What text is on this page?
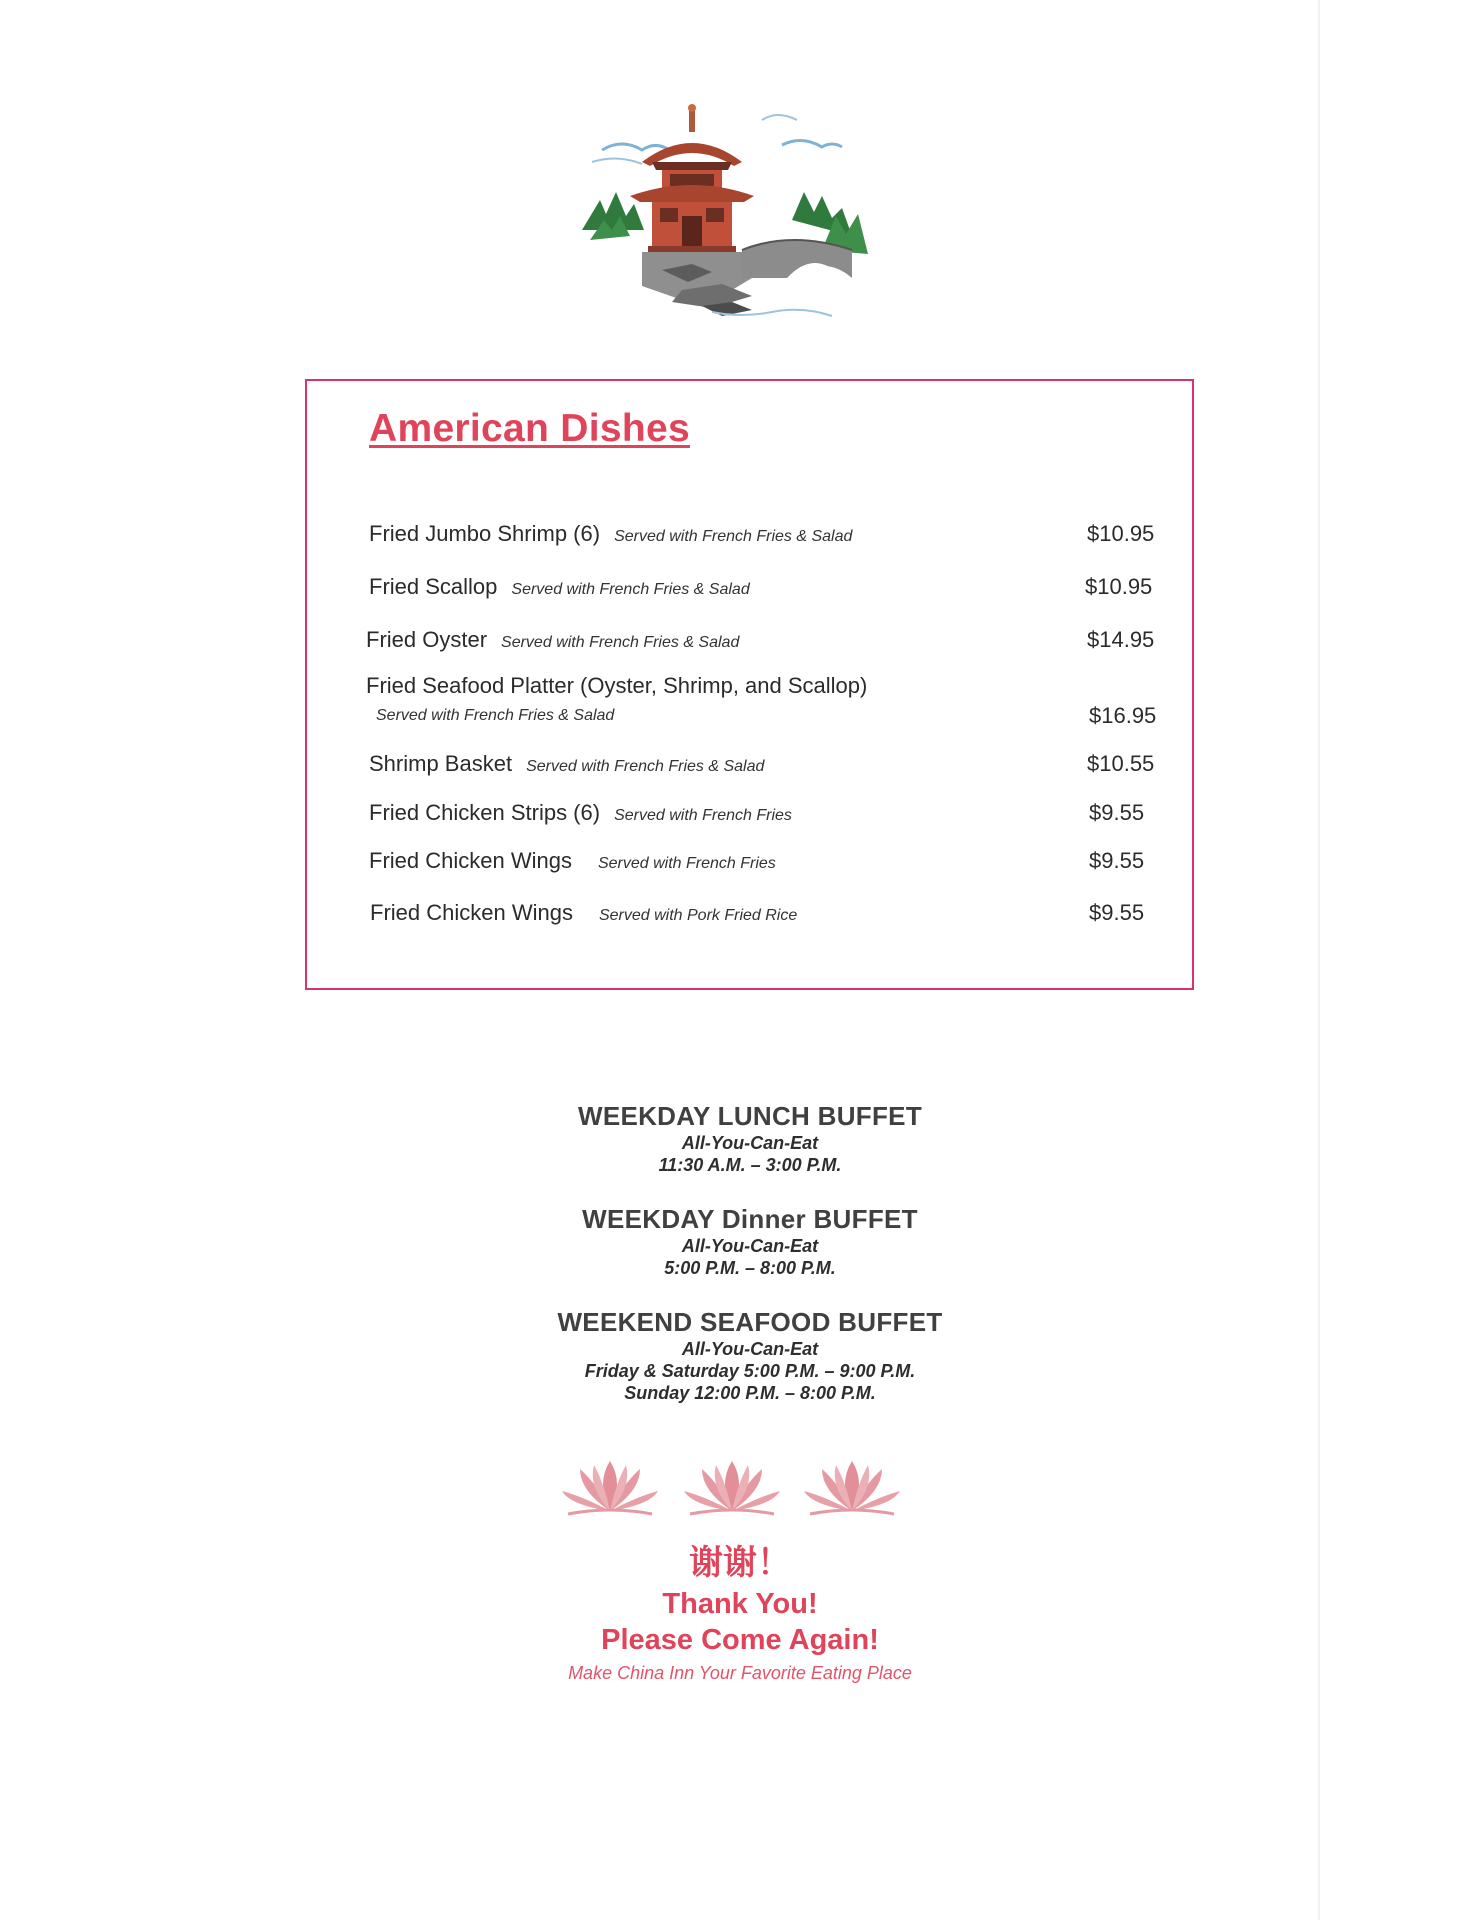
American Dishes
Fried Jumbo Shrimp (6) Served with French Fries & Salad	$10.95
Fried Scallop Served with French Fries & Salad	$10.95
Fried Oyster Served with French Fries & Salad	$14.95
Fried Seafood Platter (Oyster, Shrimp, and Scallop)
Served with French Fries & Salad	$16.95
Shrimp Basket Served with French Fries & Salad	$10.55
Fried Chicken Strips (6) Served with French Fries	$9.55
Fried Chicken Wings Served with French Fries	$9.55
Fried Chicken Wings Served with Pork Fried Rice	$9.55
WEEKDAY LUNCH BUFFET
All-You-Can-Eat
11:30 A.M. – 3:00 P.M.
WEEKDAY Dinner BUFFET
All-You-Can-Eat
5:00 P.M. – 8:00 P.M.
WEEKEND SEAFOOD BUFFET
All-You-Can-Eat
Friday & Saturday 5:00 P.M. – 9:00 P.M.
Sunday 12:00 P.M. – 8:00 P.M.
谢谢！
Thank You!
Please Come Again!
Make China Inn Your Favorite Eating Place
